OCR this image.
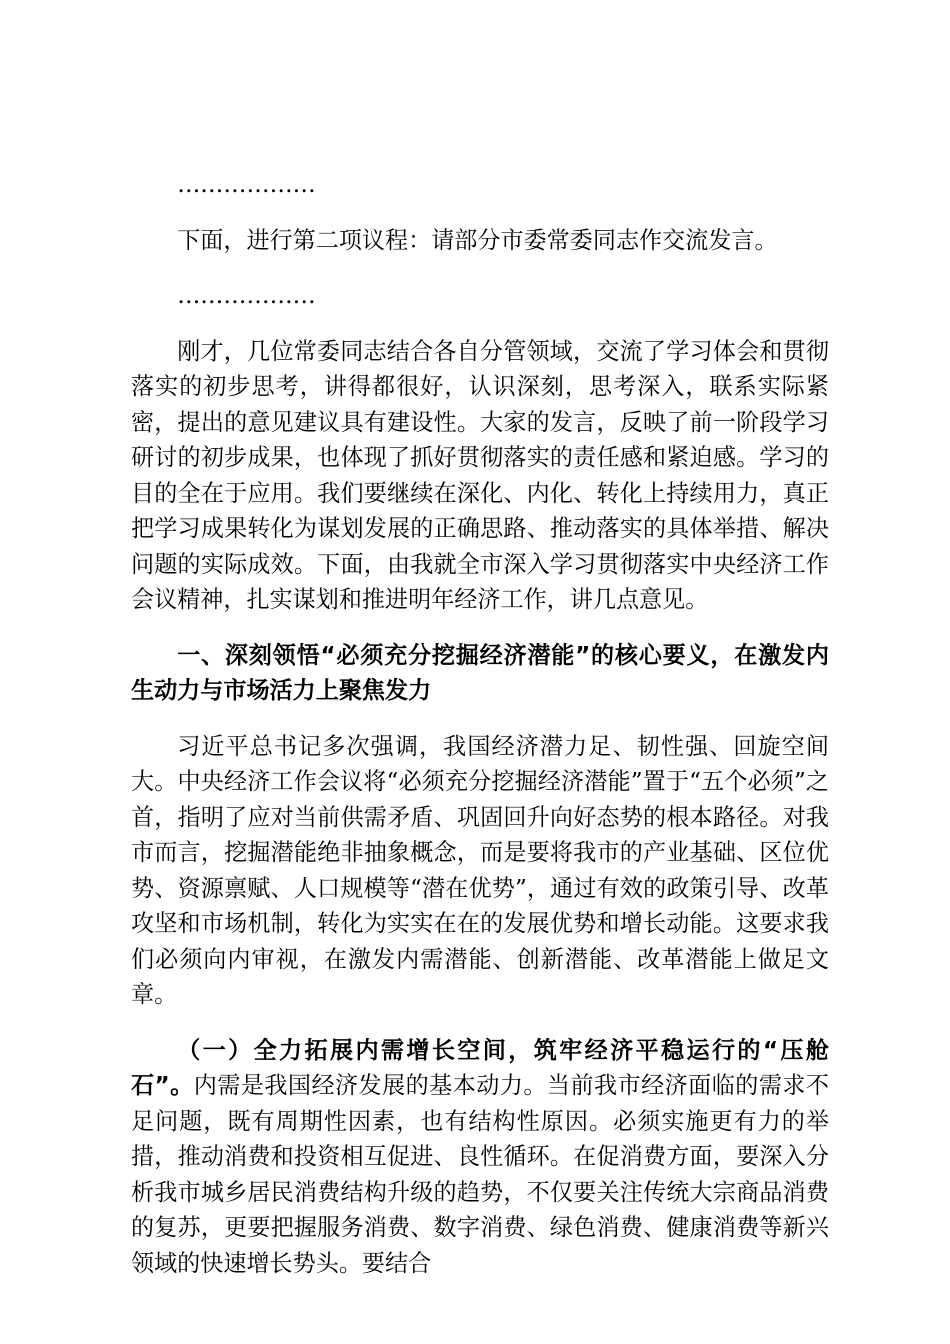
………………

下面，进行第二项议程：请部分市委常委同志作交流发言。

………………

刚才，几位常委同志结合各自分管领域，交流了学习体会和贯彻落实的初步思考，讲得都很好，认识深刻，思考深入，联系实际紧密，提出的意见建议具有建设性。大家的发言，反映了前一阶段学习研讨的初步成果，也体现了抓好贯彻落实的责任感和紧迫感。学习的目的全在于应用。我们要继续在深化、内化、转化上持续用力，真正把学习成果转化为谋划发展的正确思路、推动落实的具体举措、解决问题的实际成效。下面，由我就全市深入学习贯彻落实中央经济工作会议精神，扎实谋划和推进明年经济工作，讲几点意见。

一、深刻领悟“必须充分挖掘经济潜能”的核心要义，在激发内生动力与市场活力上聚焦发力

习近平总书记多次强调，我国经济潜力足、韧性强、回旋空间大。中央经济工作会议将“必须充分挖掘经济潜能”置于“五个必须”之首，指明了应对当前供需矛盾、巩固回升向好态势的根本路径。对我市而言，挖掘潜能绝非抽象概念，而是要将我市的产业基础、区位优势、资源禀赋、人口规模等“潜在优势”，通过有效的政策引导、改革攻坚和市场机制，转化为实实在在的发展优势和增长动能。这要求我们必须向内审视，在激发内需潜能、创新潜能、改革潜能上做足文章。

（一）全力拓展内需增长空间，筑牢经济平稳运行的“压舱石”。内需是我国经济发展的基本动力。当前我市经济面临的需求不足问题，既有周期性因素，也有结构性原因。必须实施更有力的举措，推动消费和投资相互促进、良性循环。在促消费方面，要深入分析我市城乡居民消费结构升级的趋势，不仅要关注传统大宗商品消费的复苏，更要把握服务消费、数字消费、绿色消费、健康消费等新兴领域的快速增长势头。要结合
